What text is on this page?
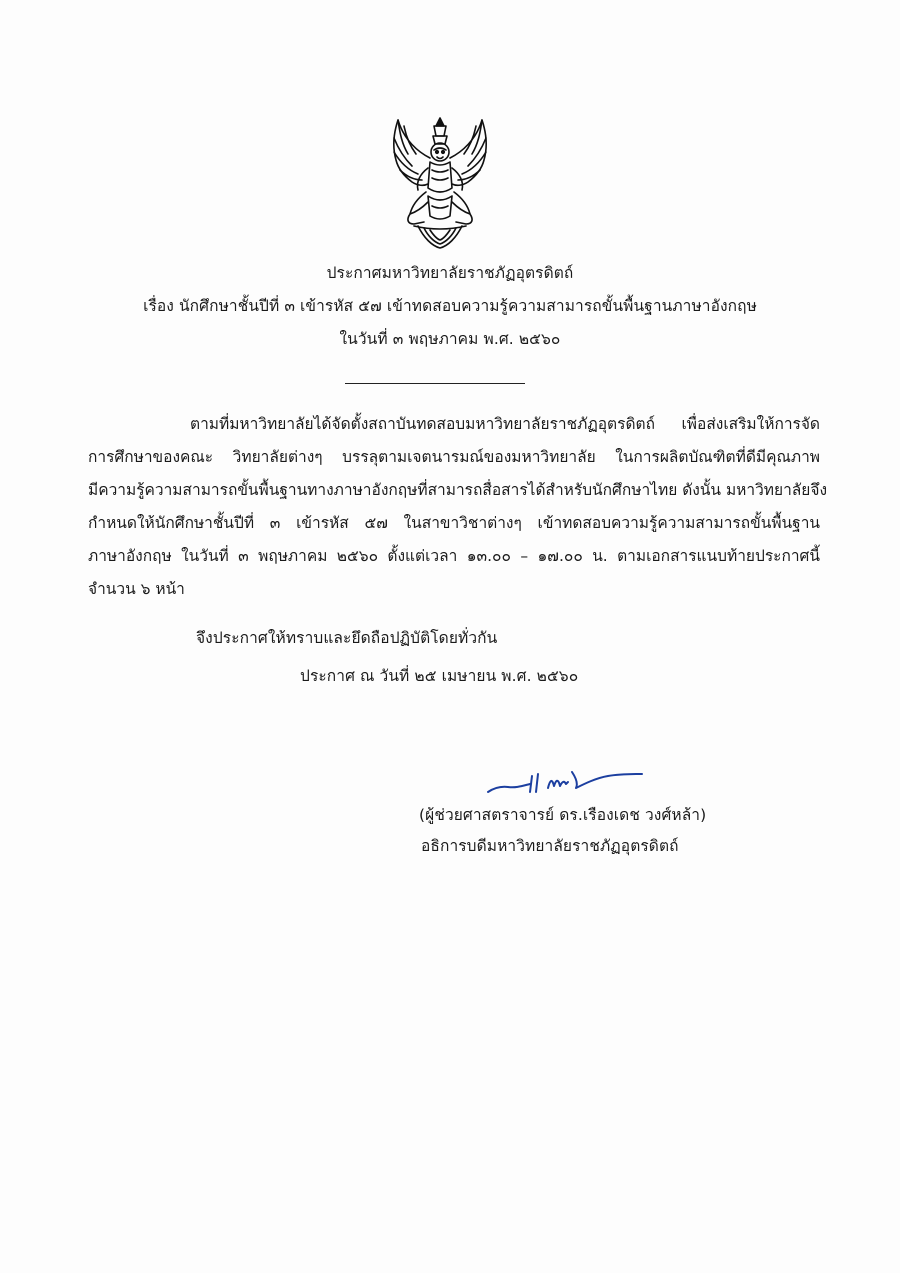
ประกาศมหาวิทยาลัยราชภัฏอุตรดิตถ์
เรื่อง นักศึกษาชั้นปีที่ ๓ เข้ารหัส ๕๗ เข้าทดสอบความรู้ความสามารถขั้นพื้นฐานภาษาอังกฤษ
ในวันที่ ๓ พฤษภาคม พ.ศ. ๒๕๖๐
ตามที่มหาวิทยาลัยได้จัดตั้งสถาบันทดสอบมหาวิทยาลัยราชภัฏอุตรดิตถ์ เพื่อส่งเสริมให้การจัด
การศึกษาของคณะ วิทยาลัยต่างๆ บรรลุตามเจตนารมณ์ของมหาวิทยาลัย ในการผลิตบัณฑิตที่ดีมีคุณภาพ
มีความรู้ความสามารถขั้นพื้นฐานทางภาษาอังกฤษที่สามารถสื่อสารได้สำหรับนักศึกษาไทย ดังนั้น มหาวิทยาลัยจึง
กำหนดให้นักศึกษาชั้นปีที่ ๓ เข้ารหัส ๕๗ ในสาขาวิชาต่างๆ เข้าทดสอบความรู้ความสามารถขั้นพื้นฐาน
ภาษาอังกฤษ ในวันที่ ๓ พฤษภาคม ๒๕๖๐ ตั้งแต่เวลา ๑๓.๐๐ – ๑๗.๐๐ น. ตามเอกสารแนบท้ายประกาศนี้
จำนวน ๖ หน้า
จึงประกาศให้ทราบและยึดถือปฏิบัติโดยทั่วกัน
ประกาศ ณ วันที่ ๒๕ เมษายน พ.ศ. ๒๕๖๐
(ผู้ช่วยศาสตราจารย์ ดร.เรืองเดช วงศ์หล้า)
อธิการบดีมหาวิทยาลัยราชภัฏอุตรดิตถ์
